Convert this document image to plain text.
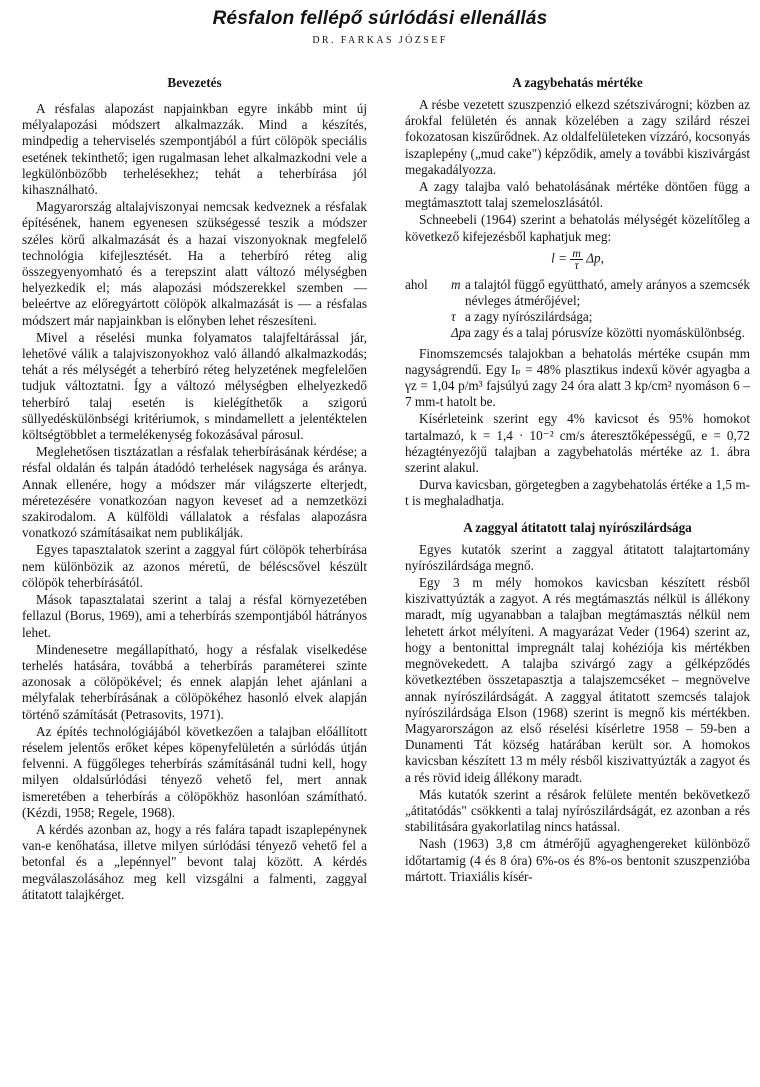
Résfalon fellépő súrlódási ellenállás
DR. FARKAS JÓZSEF
Bevezetés

A résfalas alapozást napjainkban egyre inkább mint új mélyalapozási módszert alkalmazzák. Mind a készítés, mindpedig a teherviselés szempontjából a fúrt cölöpök speciális esetének tekinthető; igen rugalmasan lehet alkalmazkodni vele a legkülönbözőbb terhelésekhez; tehát a teherbírása jól kihasználható.

Magyarország altalajviszonyai nemcsak kedveznek a résfalak építésének, hanem egyenesen szükségessé teszik a módszer széles körű alkalmazását és a hazai viszonyoknak megfelelő technológia kifejlesztését. Ha a teherbíró réteg alig összegyenyomható és a terepszint alatt változó mélységben helyezkedik el; más alapozási módszerekkel szemben — beleértve az előregyártott cölöpök alkalmazását is — a résfalas módszert már napjainkban is előnyben lehet részesíteni.

Mivel a réselési munka folyamatos talajfeltárással jár, lehetővé válik a talajviszonyokhoz való állandó alkalmazkodás; tehát a rés mélységét a teherbíró réteg helyzetének megfelelően tudjuk változtatni. Így a változó mélységben elhelyezkedő teherbíró talaj esetén is kielégíthetők a szigorú süllyedéskülönbségi kritériumok, s mindamellett a jelentéktelen költségtöbblet a termelékenység fokozásával párosul.

Meglehetősen tisztázatlan a résfalak teherbírásának kérdése; a résfal oldalán és talpán átadódó terhelések nagysága és aránya. Annak ellenére, hogy a módszer már világszerte elterjedt, méretezésére vonatkozóan nagyon keveset ad a nemzetközi szakirodalom. A külföldi vállalatok a résfalas alapozásra vonatkozó számításaikat nem publikálják.

Egyes tapasztalatok szerint a zaggyal fúrt cölöpök teherbírása nem különbözik az azonos méretű, de béléscsővel készült cölöpök teherbírásától.

Mások tapasztalatai szerint a talaj a résfal környezetében fellazul (Borus, 1969), ami a teherbírás szempontjából hátrányos lehet.

Mindenesetre megállapítható, hogy a résfalak viselkedése terhelés hatására, továbbá a teherbírás paraméterei szinte azonosak a cölöpökével; és ennek alapján lehet ajánlani a mélyfalak teherbírásának a cölöpökéhez hasonló elvek alapján történő számítását (Petrasovits, 1971).

Az építés technológiájából következően a talajban előállított réselem jelentős erőket képes köpenyfelületén a súrlódás útján felvenni. A függőleges teherbírás számításánál tudni kell, hogy milyen oldalsúrlódási tényező vehető fel, mert annak ismeretében a teherbírás a cölöpökhöz hasonlóan számítható. (Kézdi, 1958; Regele, 1968).

A kérdés azonban az, hogy a rés falára tapadt iszaplepénynek van-e kenőhatása, illetve milyen súrlódási tényező vehető fel a betonfal és a „lepénnyel" bevont talaj között. A kérdés megválaszolásához meg kell vizsgálni a falmenti, zaggyal átitatott talajkérget.

A zagybehatás mértéke

A résbe vezetett szuszpenzió elkezd szétszivárogni; közben az árokfal felületén és annak közelében a zagy szilárd részei fokozatosan kiszűrődnek. Az oldalfelületeken vízzáró, kocsonyás iszaplepény („mud cake") képződik, amely a további kiszivárgást megakadályozza.

A zagy talajba való behatolásának mértéke döntően függ a megtámasztott talaj szemeloszlásától.

Schneebeli (1964) szerint a behatolás mélységét közelítőleg a következő kifejezésből kaphatjuk meg:

$l = \frac{m}{\tau} \Delta p$,
ahol	m a talajtól függő együttható, amely arányos a szemcsék névleges átmérőjével;
τ a zagy nyírószilárdsága;
Δp a zagy és a talaj pórusvíze közötti nyomáskülönbség.

Finomszemcsés talajokban a behatolás mértéke csupán mm nagyságrendű. Egy Iₚ = 48% plasztikus indexű kövér agyagba a γz = 1,04 p/m³ fajsúlyú zagy 24 óra alatt 3 kp/cm² nyomáson 6 – 7 mm-t hatolt be.

Kísérleteink szerint egy 4% kavicsot és 95% homokot tartalmazó, k = 1,4 · 10⁻² cm/s áteresztőképességű, e = 0,72 hézagtényezőjű talajban a zagybehatolás mértéke az 1. ábra szerint alakul.

Durva kavicsban, görgetegben a zagybehatolás értéke a 1,5 m-t is meghaladhatja.

A zaggyal átitatott talaj nyírószilárdsága

Egyes kutatók szerint a zaggyal átitatott talajtartomány nyírószilárdsága megnő.

Egy 3 m mély homokos kavicsban készített résből kiszivattyúzták a zagyot. A rés megtámasztás nélkül is állékony maradt, míg ugyanabban a talajban megtámasztás nélkül nem lehetett árkot mélyíteni. A magyarázat Veder (1964) szerint az, hogy a bentonittal impregnált talaj kohéziója kis mértékben megnövekedett. A talajba szivárgó zagy a gélképződés következtében összetapasztja a talajszemcséket – megnövelve annak nyírószilárdságát. A zaggyal átitatott szemcsés talajok nyírószilárdsága Elson (1968) szerint is megnő kis mértékben. Magyarországon az első réselési kísérletre 1958 – 59-ben a Dunamenti Tát község határában került sor. A homokos kavicsban készített 13 m mély résből kiszivattyúzták a zagyot és a rés rövid ideig állékony maradt.

Más kutatók szerint a résárok felülete mentén bekövetkező „átitatódás" csökkenti a talaj nyírószilárdságát, ez azonban a rés stabilitására gyakorlatilag nincs hatással.

Nash (1963) 3,8 cm átmérőjű agyaghengereket különböző időtartamig (4 és 8 óra) 6%-os és 8%-os bentonit szuszpenzióba mártott. Triaxiális kísér-
